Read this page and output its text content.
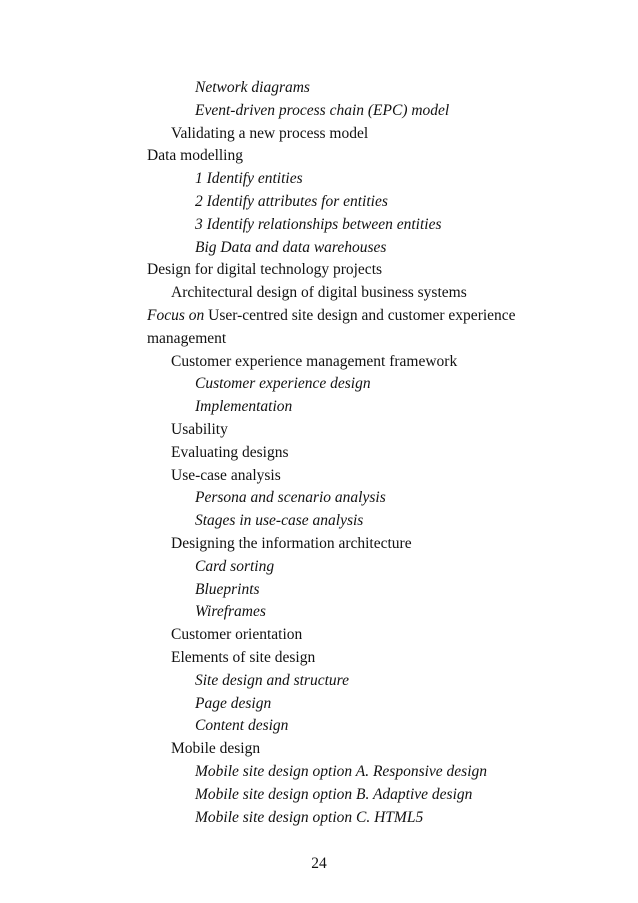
Network diagrams
Event-driven process chain (EPC) model
Validating a new process model
Data modelling
1 Identify entities
2 Identify attributes for entities
3 Identify relationships between entities
Big Data and data warehouses
Design for digital technology projects
Architectural design of digital business systems
Focus on User-centred site design and customer experience management
Customer experience management framework
Customer experience design
Implementation
Usability
Evaluating designs
Use-case analysis
Persona and scenario analysis
Stages in use-case analysis
Designing the information architecture
Card sorting
Blueprints
Wireframes
Customer orientation
Elements of site design
Site design and structure
Page design
Content design
Mobile design
Mobile site design option A. Responsive design
Mobile site design option B. Adaptive design
Mobile site design option C. HTML5
24
